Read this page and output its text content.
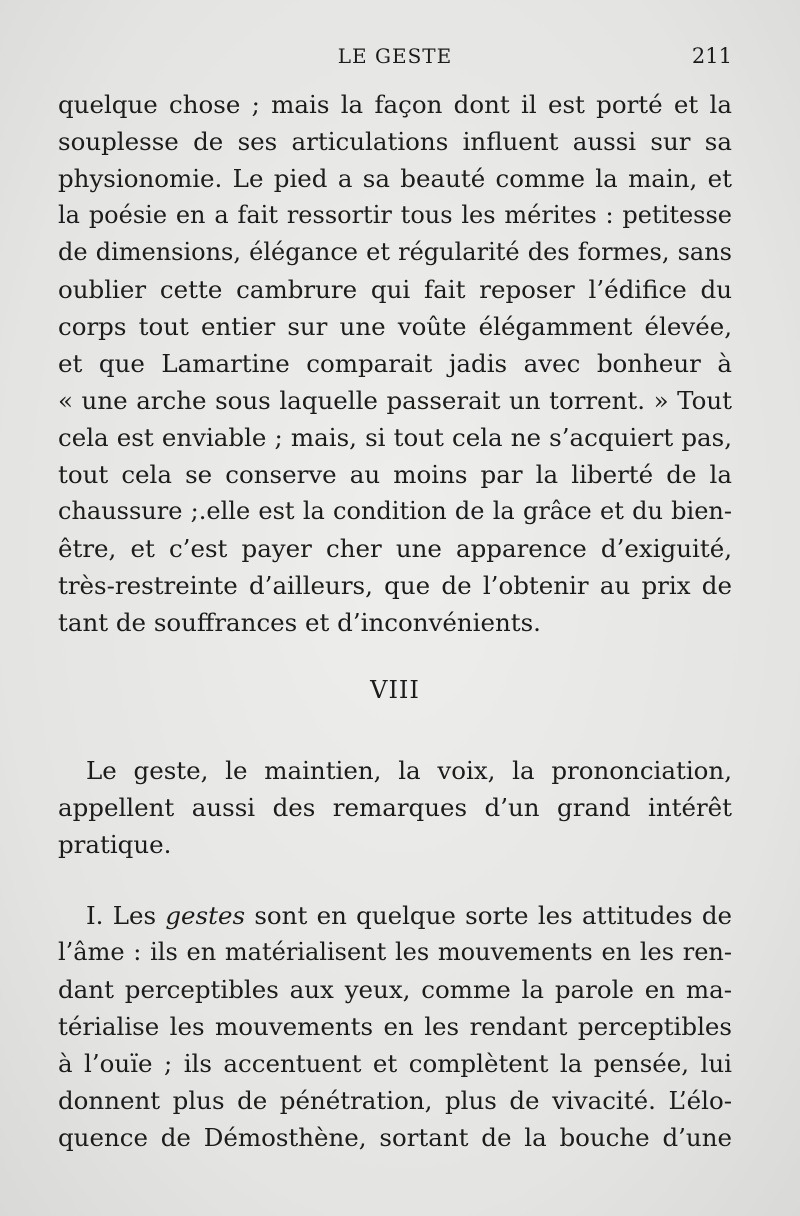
LE GESTE	211
quelque chose ; mais la façon dont il est porté et la
souplesse de ses articulations influent aussi sur sa
physionomie. Le pied a sa beauté comme la main, et
la poésie en a fait ressortir tous les mérites : petitesse
de dimensions, élégance et régularité des formes, sans
oublier cette cambrure qui fait reposer l’édifice du
corps tout entier sur une voûte élégamment élevée,
et que Lamartine comparait jadis avec bonheur à
« une arche sous laquelle passerait un torrent. » Tout
cela est enviable ; mais, si tout cela ne s’acquiert pas,
tout cela se conserve au moins par la liberté de la
chaussure ;.elle est la condition de la grâce et du bien-
être, et c’est payer cher une apparence d’exiguité,
très-restreinte d’ailleurs, que de l’obtenir au prix de
tant de souffrances et d’inconvénients.
VIII
Le geste, le maintien, la voix, la prononciation,
appellent aussi des remarques d’un grand intérêt
pratique.
I. Les gestes sont en quelque sorte les attitudes de
l’âme : ils en matérialisent les mouvements en les ren-
dant perceptibles aux yeux, comme la parole en ma-
térialise les mouvements en les rendant perceptibles
à l’ouïe ; ils accentuent et complètent la pensée, lui
donnent plus de pénétration, plus de vivacité. L’élo-
quence de Démosthène, sortant de la bouche d’une
